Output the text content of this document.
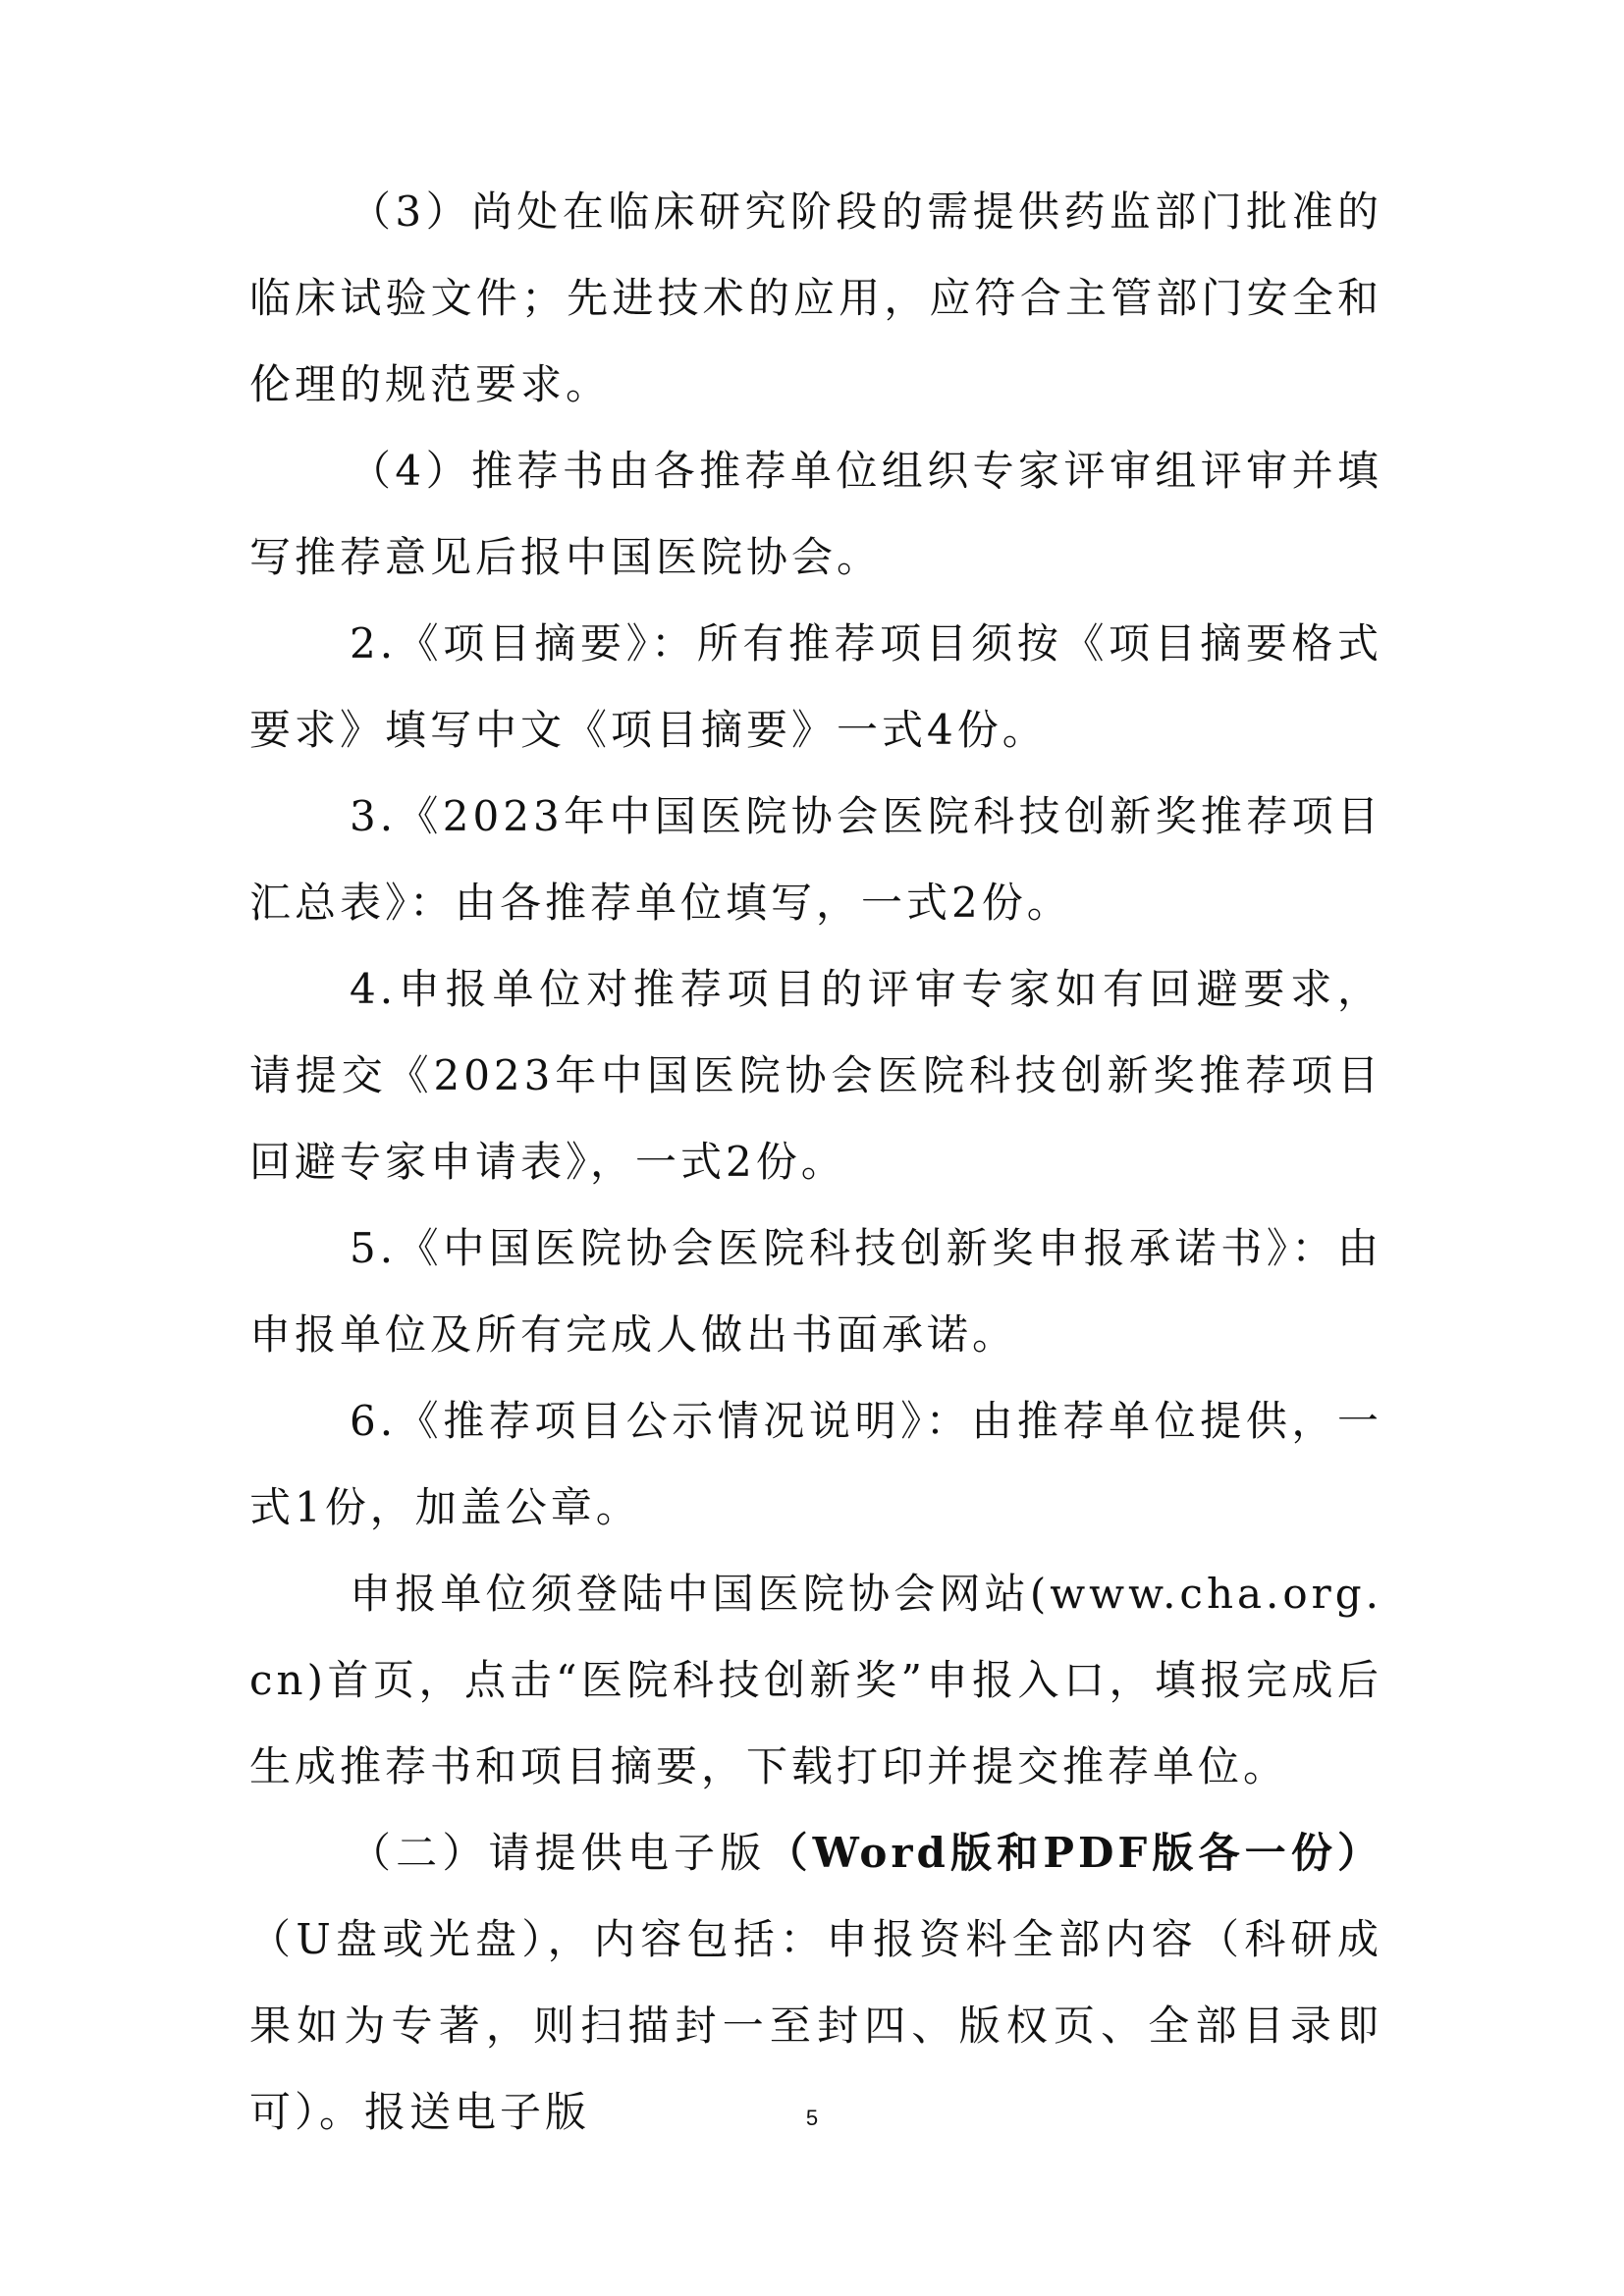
（3）尚处在临床研究阶段的需提供药监部门批准的临床试验文件；先进技术的应用，应符合主管部门安全和伦理的规范要求。

（4）推荐书由各推荐单位组织专家评审组评审并填写推荐意见后报中国医院协会。

2.《项目摘要》：所有推荐项目须按《项目摘要格式要求》填写中文《项目摘要》一式4份。

3.《2023年中国医院协会医院科技创新奖推荐项目汇总表》：由各推荐单位填写，一式2份。

4.申报单位对推荐项目的评审专家如有回避要求，请提交《2023年中国医院协会医院科技创新奖推荐项目回避专家申请表》，一式2份。

5.《中国医院协会医院科技创新奖申报承诺书》：由申报单位及所有完成人做出书面承诺。

6.《推荐项目公示情况说明》：由推荐单位提供，一式1份，加盖公章。

申报单位须登陆中国医院协会网站(www.cha.org.cn)首页，点击“医院科技创新奖”申报入口，填报完成后生成推荐书和项目摘要，下载打印并提交推荐单位。

（二）请提供电子版（Word版和PDF版各一份）（U盘或光盘），内容包括：申报资料全部内容（科研成果如为专著，则扫描封一至封四、版权页、全部目录即可）。报送电子版	5
